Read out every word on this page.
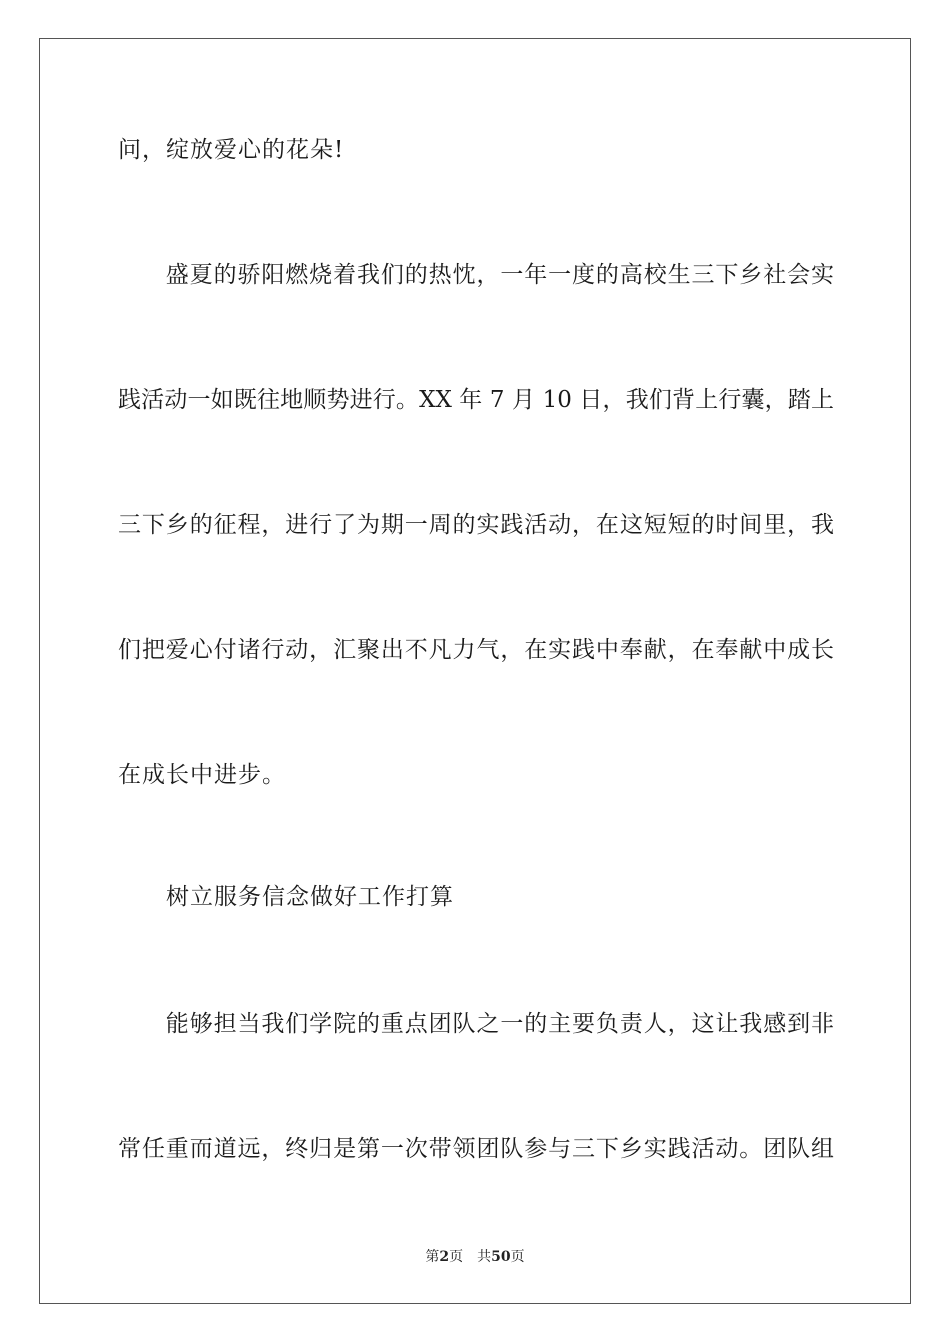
问，绽放爱心的花朵!
　　盛夏的骄阳燃烧着我们的热忱，一年一度的高校生三下乡社会实
践活动一如既往地顺势进行。XX 年 7 月 10 日，我们背上行囊，踏上
三下乡的征程，进行了为期一周的实践活动，在这短短的时间里，我
们把爱心付诸行动，汇聚出不凡力气，在实践中奉献，在奉献中成长
在成长中进步。
　　树立服务信念做好工作打算
　　能够担当我们学院的重点团队之一的主要负责人，这让我感到非
常任重而道远，终归是第一次带领团队参与三下乡实践活动。团队组
第2页　共50页
